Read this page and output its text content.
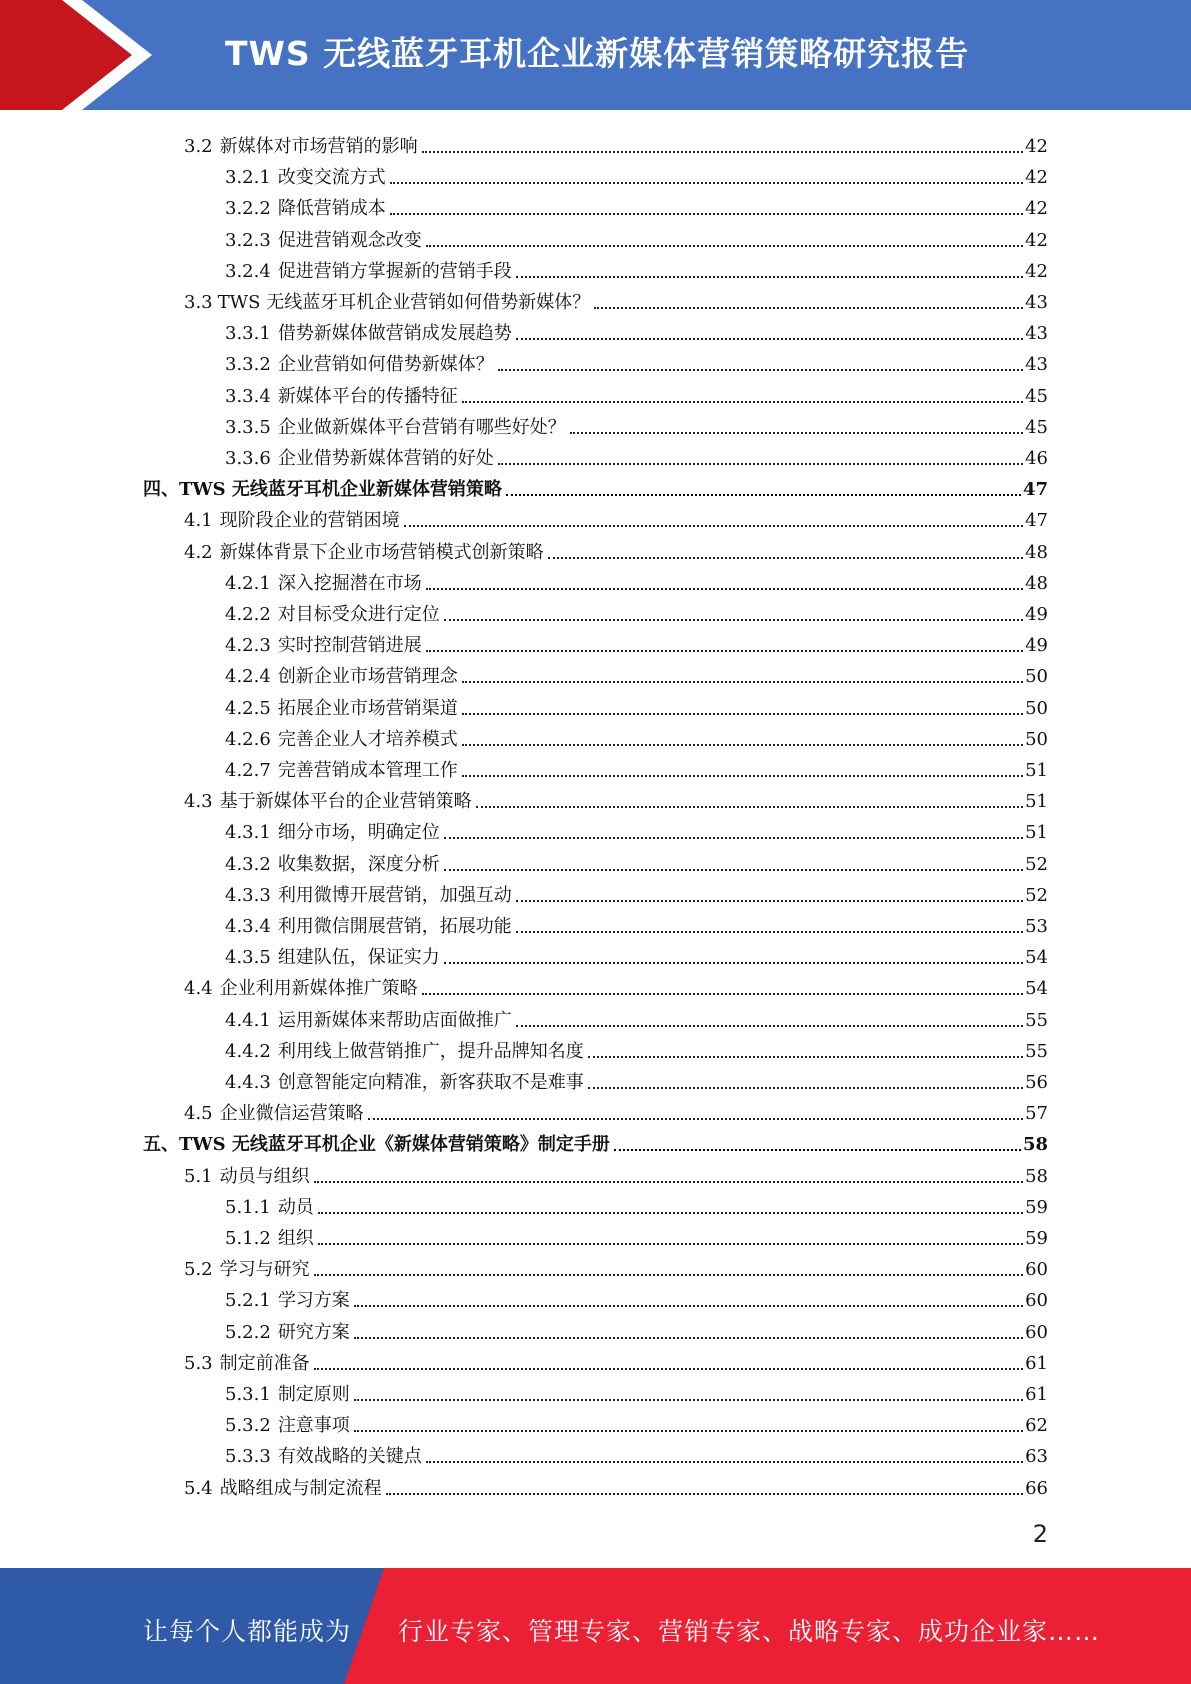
TWS 无线蓝牙耳机企业新媒体营销策略研究报告
3.2 新媒体对市场营销的影响	42
3.2.1 改变交流方式	42
3.2.2 降低营销成本	42
3.2.3 促进营销观念改变	42
3.2.4 促进营销方掌握新的营销手段	42
3.3 TWS 无线蓝牙耳机企业营销如何借势新媒体？	43
3.3.1 借势新媒体做营销成发展趋势	43
3.3.2 企业营销如何借势新媒体？	43
3.3.4 新媒体平台的传播特征	45
3.3.5 企业做新媒体平台营销有哪些好处？	45
3.3.6 企业借势新媒体营销的好处	46
四、 TWS 无线蓝牙耳机企业新媒体营销策略	47
4.1 现阶段企业的营销困境	47
4.2 新媒体背景下企业市场营销模式创新策略	48
4.2.1 深入挖掘潜在市场	48
4.2.2 对目标受众进行定位	49
4.2.3 实时控制营销进展	49
4.2.4 创新企业市场营销理念	50
4.2.5 拓展企业市场营销渠道	50
4.2.6 完善企业人才培养模式	50
4.2.7 完善营销成本管理工作	51
4.3 基于新媒体平台的企业营销策略	51
4.3.1 细分市场，明确定位	51
4.3.2 收集数据，深度分析	52
4.3.3 利用微博开展营销，加强互动	52
4.3.4 利用微信開展营销，拓展功能	53
4.3.5 组建队伍，保证实力	54
4.4 企业利用新媒体推广策略	54
4.4.1 运用新媒体来帮助店面做推广	55
4.4.2 利用线上做营销推广，提升品牌知名度	55
4.4.3 创意智能定向精准，新客获取不是难事	56
4.5 企业微信运营策略	57
五、 TWS 无线蓝牙耳机企业《新媒体营销策略》制定手册	58
5.1 动员与组织	58
5.1.1 动员	59
5.1.2 组织	59
5.2 学习与研究	60
5.2.1 学习方案	60
5.2.2 研究方案	60
5.3 制定前准备	61
5.3.1 制定原则	61
5.3.2 注意事项	62
5.3.3 有效战略的关键点	63
5.4 战略组成与制定流程	66
2
让每个人都能成为 行业专家、管理专家、营销专家、战略专家、成功企业家……
